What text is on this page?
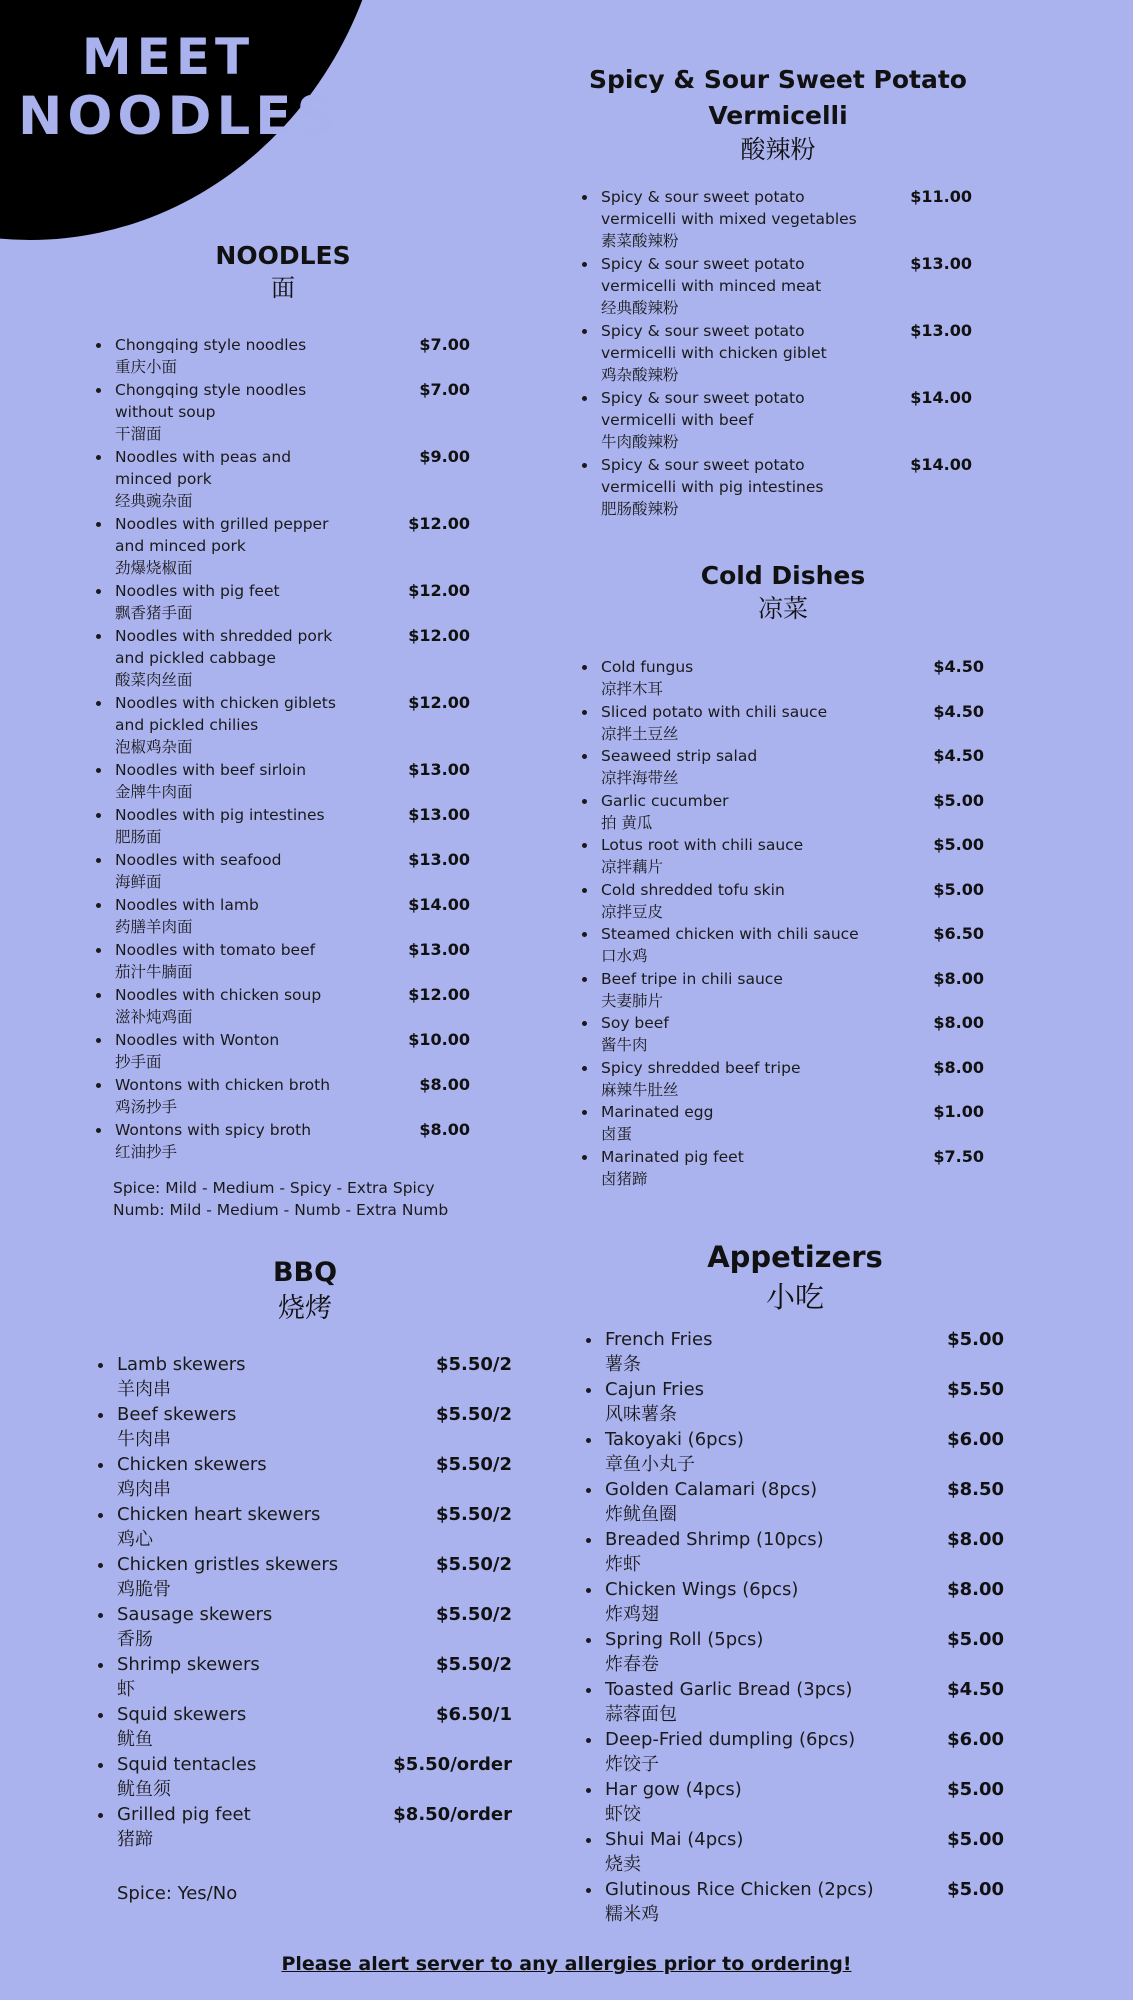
MEET
NOODLES
NOODLES
面
Chongqing style noodles
重庆小面
$7.00
Chongqing style noodles without soup
干溜面
$7.00
Noodles with peas and minced pork
经典豌杂面
$9.00
Noodles with grilled pepper and minced pork
劲爆烧椒面
$12.00
Noodles with pig feet
飘香猪手面
$12.00
Noodles with shredded pork and pickled cabbage
酸菜肉丝面
$12.00
Noodles with chicken giblets and pickled chilies
泡椒鸡杂面
$12.00
Noodles with beef sirloin
金牌牛肉面
$13.00
Noodles with pig intestines
肥肠面
$13.00
Noodles with seafood
海鲜面
$13.00
Noodles with lamb
药膳羊肉面
$14.00
Noodles with tomato beef
茄汁牛腩面
$13.00
Noodles with chicken soup
滋补炖鸡面
$12.00
Noodles with Wonton
抄手面
$10.00
Wontons with chicken broth
鸡汤抄手
$8.00
Wontons with spicy broth
红油抄手
$8.00
Spice: Mild - Medium - Spicy - Extra Spicy
Numb: Mild - Medium - Numb - Extra Numb
Spicy & Sour Sweet Potato Vermicelli
酸辣粉
Spicy & sour sweet potato vermicelli with mixed vegetables
素菜酸辣粉
$11.00
Spicy & sour sweet potato vermicelli with minced meat
经典酸辣粉
$13.00
Spicy & sour sweet potato vermicelli with chicken giblet
鸡杂酸辣粉
$13.00
Spicy & sour sweet potato vermicelli with beef
牛肉酸辣粉
$14.00
Spicy & sour sweet potato vermicelli with pig intestines
肥肠酸辣粉
$14.00
Cold Dishes
凉菜
Cold fungus
凉拌木耳
$4.50
Sliced potato with chili sauce
凉拌土豆丝
$4.50
Seaweed strip salad
凉拌海带丝
$4.50
Garlic cucumber
拍 黄瓜
$5.00
Lotus root with chili sauce
凉拌藕片
$5.00
Cold shredded tofu skin
凉拌豆皮
$5.00
Steamed chicken with chili sauce
口水鸡
$6.50
Beef tripe in chili sauce
夫妻肺片
$8.00
Soy beef
酱牛肉
$8.00
Spicy shredded beef tripe
麻辣牛肚丝
$8.00
Marinated egg
卤蛋
$1.00
Marinated pig feet
卤猪蹄
$7.50
BBQ
烧烤
Lamb skewers
羊肉串
$5.50/2
Beef skewers
牛肉串
$5.50/2
Chicken skewers
鸡肉串
$5.50/2
Chicken heart skewers
鸡心
$5.50/2
Chicken gristles skewers
鸡脆骨
$5.50/2
Sausage skewers
香肠
$5.50/2
Shrimp skewers
虾
$5.50/2
Squid skewers
鱿鱼
$6.50/1
Squid tentacles
鱿鱼须
$5.50/order
Grilled pig feet
猪蹄
$8.50/order
Spice: Yes/No
Appetizers
小吃
French Fries
薯条
$5.00
Cajun Fries
风味薯条
$5.50
Takoyaki (6pcs)
章鱼小丸子
$6.00
Golden Calamari (8pcs)
炸鱿鱼圈
$8.50
Breaded Shrimp (10pcs)
炸虾
$8.00
Chicken Wings (6pcs)
炸鸡翅
$8.00
Spring Roll (5pcs)
炸春卷
$5.00
Toasted Garlic Bread (3pcs)
蒜蓉面包
$4.50
Deep-Fried dumpling (6pcs)
炸饺子
$6.00
Har gow (4pcs)
虾饺
$5.00
Shui Mai (4pcs)
烧卖
$5.00
Glutinous Rice Chicken (2pcs)
糯米鸡
$5.00
Please alert server to any allergies prior to ordering!
